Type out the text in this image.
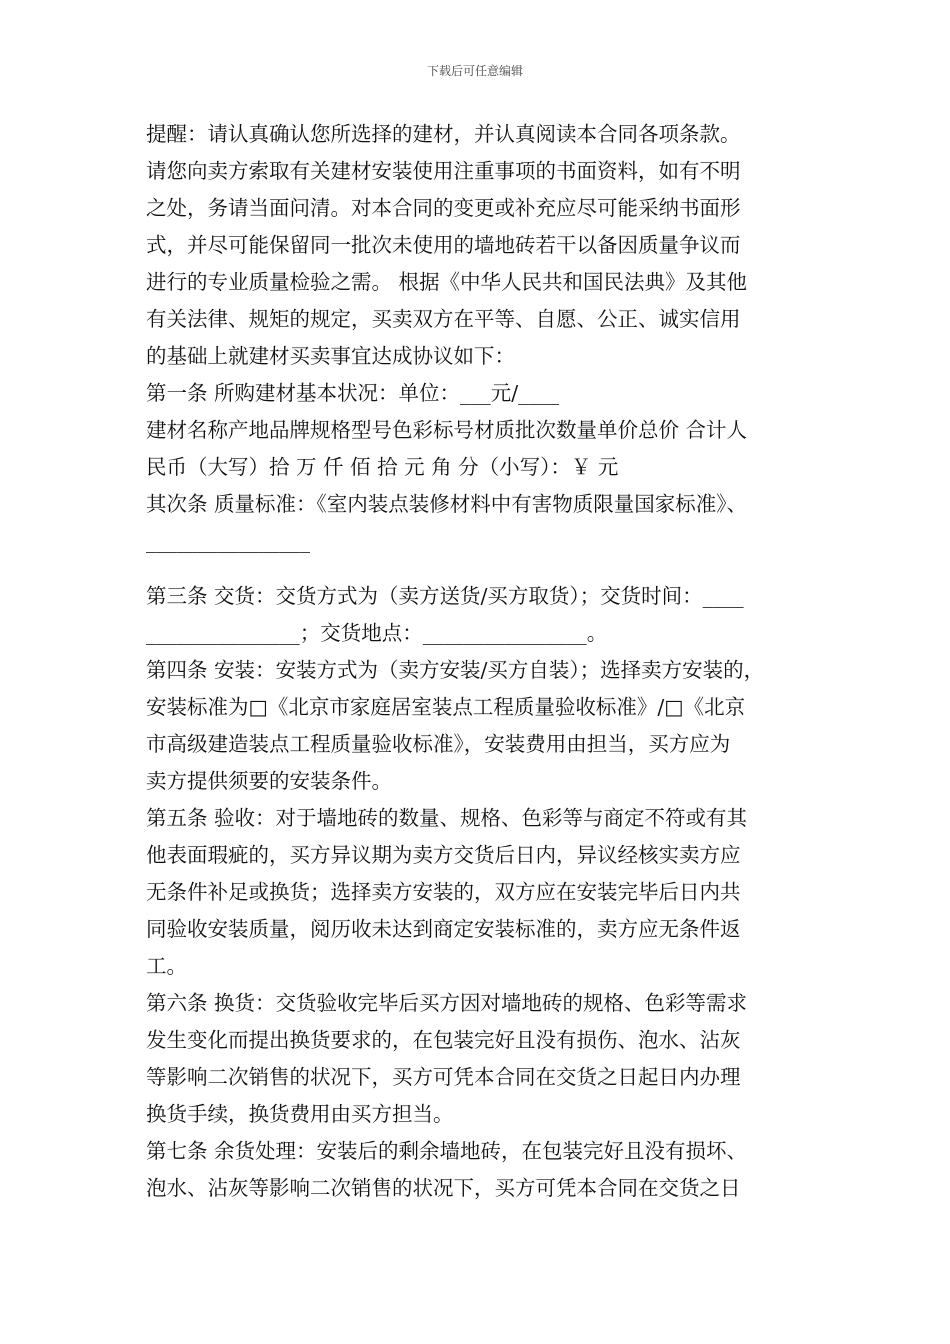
下载后可任意编辑
提醒：请认真确认您所选择的建材，并认真阅读本合同各项条款。
请您向卖方索取有关建材安装使用注重事项的书面资料，如有不明
之处，务请当面问清。对本合同的变更或补充应尽可能采纳书面形
式，并尽可能保留同一批次未使用的墙地砖若干以备因质量争议而
进行的专业质量检验之需。 根据《中华人民共和国民法典》及其他
有关法律、规矩的规定，买卖双方在平等、自愿、公正、诚实信用
的基础上就建材买卖事宜达成协议如下：
第一条 所购建材基本状况：单位：___元/____
建材名称产地品牌规格型号色彩标号材质批次数量单价总价 合计人
民币（大写）拾 万 仟 佰 拾 元 角 分（小写）：￥ 元
其次条 质量标准：《室内装点装修材料中有害物质限量国家标准》、
________________
第三条 交货：交货方式为（卖方送货/买方取货）；交货时间：____
_______________；交货地点：________________。
第四条 安装：安装方式为（卖方安装/买方自装）；选择卖方安装的，
安装标准为□《北京市家庭居室装点工程质量验收标准》/□《北京
市高级建造装点工程质量验收标准》，安装费用由担当，买方应为
卖方提供须要的安装条件。
第五条 验收：对于墙地砖的数量、规格、色彩等与商定不符或有其
他表面瑕疵的，买方异议期为卖方交货后日内，异议经核实卖方应
无条件补足或换货；选择卖方安装的，双方应在安装完毕后日内共
同验收安装质量，阅历收未达到商定安装标准的，卖方应无条件返
工。
第六条 换货：交货验收完毕后买方因对墙地砖的规格、色彩等需求
发生变化而提出换货要求的，在包装完好且没有损伤、泡水、沾灰
等影响二次销售的状况下，买方可凭本合同在交货之日起日内办理
换货手续，换货费用由买方担当。
第七条 余货处理：安装后的剩余墙地砖，在包装完好且没有损坏、
泡水、沾灰等影响二次销售的状况下，买方可凭本合同在交货之日
